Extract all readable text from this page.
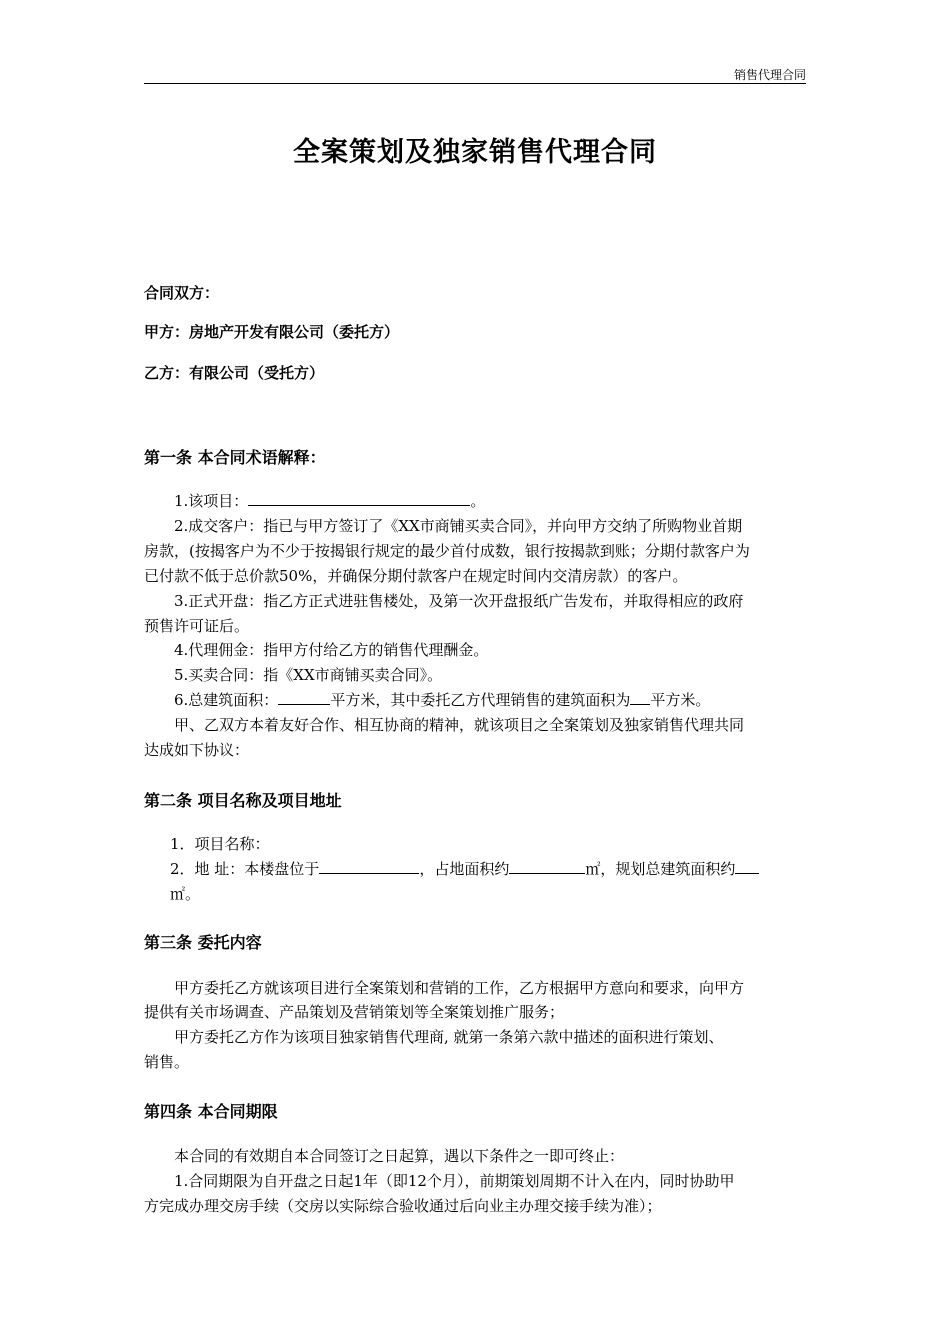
销售代理合同
全案策划及独家销售代理合同
合同双方：
甲方：房地产开发有限公司（委托方）
乙方：有限公司（受托方）
第一条 本合同术语解释：
1.该项目：	。
2.成交客户：指已与甲方签订了《XX市商铺买卖合同》，并向甲方交纳了所购物业首期
房款，(按揭客户为不少于按揭银行规定的最少首付成数，银行按揭款到账；分期付款客户为
已付款不低于总价款50%，并确保分期付款客户在规定时间内交清房款）的客户。
3.正式开盘：指乙方正式进驻售楼处，及第一次开盘报纸广告发布，并取得相应的政府
预售许可证后。
4.代理佣金：指甲方付给乙方的销售代理酬金。
5.买卖合同：指《XX市商铺买卖合同》。
6.总建筑面积：	平方米，其中委托乙方代理销售的建筑面积为 平方米。
甲、乙双方本着友好合作、相互协商的精神，就该项目之全案策划及独家销售代理共同
达成如下协议：
第二条 项目名称及项目地址
1．项目名称：
2．地 址：本楼盘位于	，占地面积约	㎡，规划总建筑面积约
㎡。
第三条 委托内容
甲方委托乙方就该项目进行全案策划和营销的工作，乙方根据甲方意向和要求，向甲方
提供有关市场调查、产品策划及营销策划等全案策划推广服务；
甲方委托乙方作为该项目独家销售代理商, 就第一条第六款中描述的面积进行策划、
销售。
第四条 本合同期限
本合同的有效期自本合同签订之日起算，遇以下条件之一即可终止：
1.合同期限为自开盘之日起1年（即12个月），前期策划周期不计入在内，同时协助甲
方完成办理交房手续（交房以实际综合验收通过后向业主办理交接手续为准）；
